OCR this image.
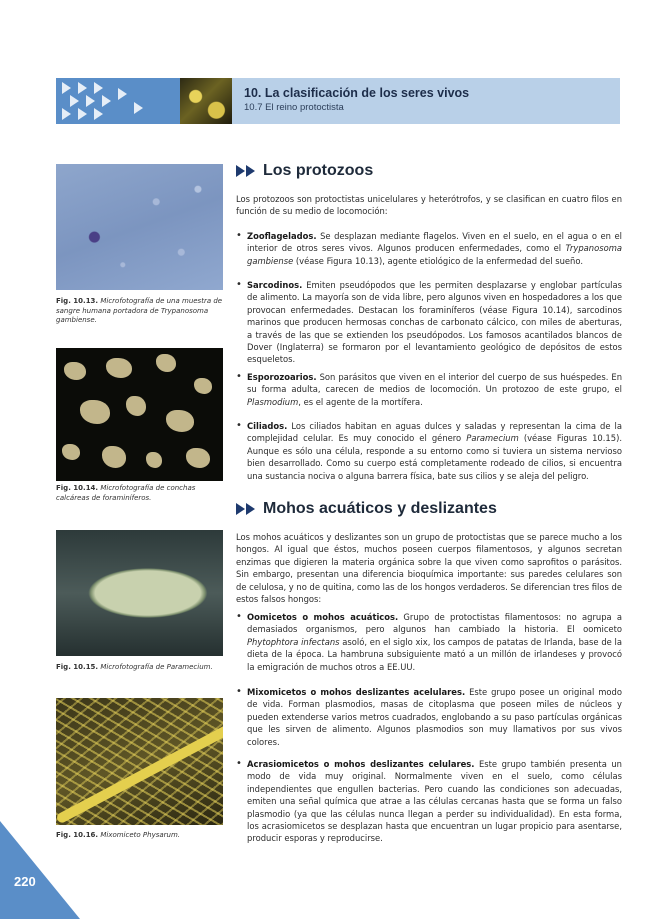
10. La clasificación de los seres vivos
10.7 El reino protoctista
Fig. 10.13. Microfotografía de una muestra de sangre humana portadora de Trypanosoma gambiense.
Fig. 10.14. Microfotografía de conchas calcáreas de foraminíferos.
Fig. 10.15. Microfotografía de Paramecium.
Fig. 10.16. Mixomiceto Physarum.
Los protozoos

Los protozoos son protoctistas unicelulares y heterótrofos, y se clasifican en cuatro filos en función de su medio de locomoción:

• Zooflagelados. Se desplazan mediante flagelos. Viven en el suelo, en el agua o en el interior de otros seres vivos. Algunos producen enfermedades, como el Trypanosoma gambiense (véase Figura 10.13), agente etiológico de la enfermedad del sueño.
• Sarcodinos. Emiten pseudópodos que les permiten desplazarse y englobar partículas de alimento. La mayoría son de vida libre, pero algunos viven en hospedadores a los que provocan enfermedades. Destacan los foraminíferos (véase Figura 10.14), sarcodinos marinos que producen hermosas conchas de carbonato cálcico, con miles de aberturas, a través de las que se extienden los pseudópodos. Los famosos acantilados blancos de Dover (Inglaterra) se formaron por el levantamiento geológico de depósitos de estos esqueletos.
• Esporozoarios. Son parásitos que viven en el interior del cuerpo de sus huéspedes. En su forma adulta, carecen de medios de locomoción. Un protozoo de este grupo, el Plasmodium, es el agente de la mortífera.
• Ciliados. Los ciliados habitan en aguas dulces y saladas y representan la cima de la complejidad celular. Es muy conocido el género Paramecium (véase Figuras 10.15). Aunque es sólo una célula, responde a su entorno como si tuviera un sistema nervioso bien desarrollado. Como su cuerpo está completamente rodeado de cilios, si encuentra una sustancia nociva o alguna barrera física, bate sus cilios y se aleja del peligro.
Mohos acuáticos y deslizantes

Los mohos acuáticos y deslizantes son un grupo de protoctistas que se parece mucho a los hongos. Al igual que éstos, muchos poseen cuerpos filamentosos, y algunos secretan enzimas que digieren la materia orgánica sobre la que viven como saprofitos o parásitos. Sin embargo, presentan una diferencia bioquímica importante: sus paredes celulares son de celulosa, y no de quitina, como las de los hongos verdaderos. Se diferencian tres filos de estos falsos hongos:

• Oomicetos o mohos acuáticos. Grupo de protoctistas filamentosos: no agrupa a demasiados organismos, pero algunos han cambiado la historia. El oomiceto Phytophtora infectans asoló, en el siglo xix, los campos de patatas de Irlanda, base de la dieta de la época. La hambruna subsiguiente mató a un millón de irlandeses y provocó la emigración de muchos otros a EE.UU.
• Mixomicetos o mohos deslizantes acelulares. Este grupo posee un original modo de vida. Forman plasmodios, masas de citoplasma que poseen miles de núcleos y pueden extenderse varios metros cuadrados, englobando a su paso partículas orgánicas que les sirven de alimento. Algunos plasmodios son muy llamativos por sus vivos colores.
• Acrasiomicetos o mohos deslizantes celulares. Este grupo también presenta un modo de vida muy original. Normalmente viven en el suelo, como células independientes que engullen bacterias. Pero cuando las condiciones son adecuadas, emiten una señal química que atrae a las células cercanas hasta que se forma un falso plasmodio (ya que las células nunca llegan a perder su individualidad). En esta forma, los acrasiomicetos se desplazan hasta que encuentran un lugar propicio para asentarse, producir esporas y reproducirse.
220
